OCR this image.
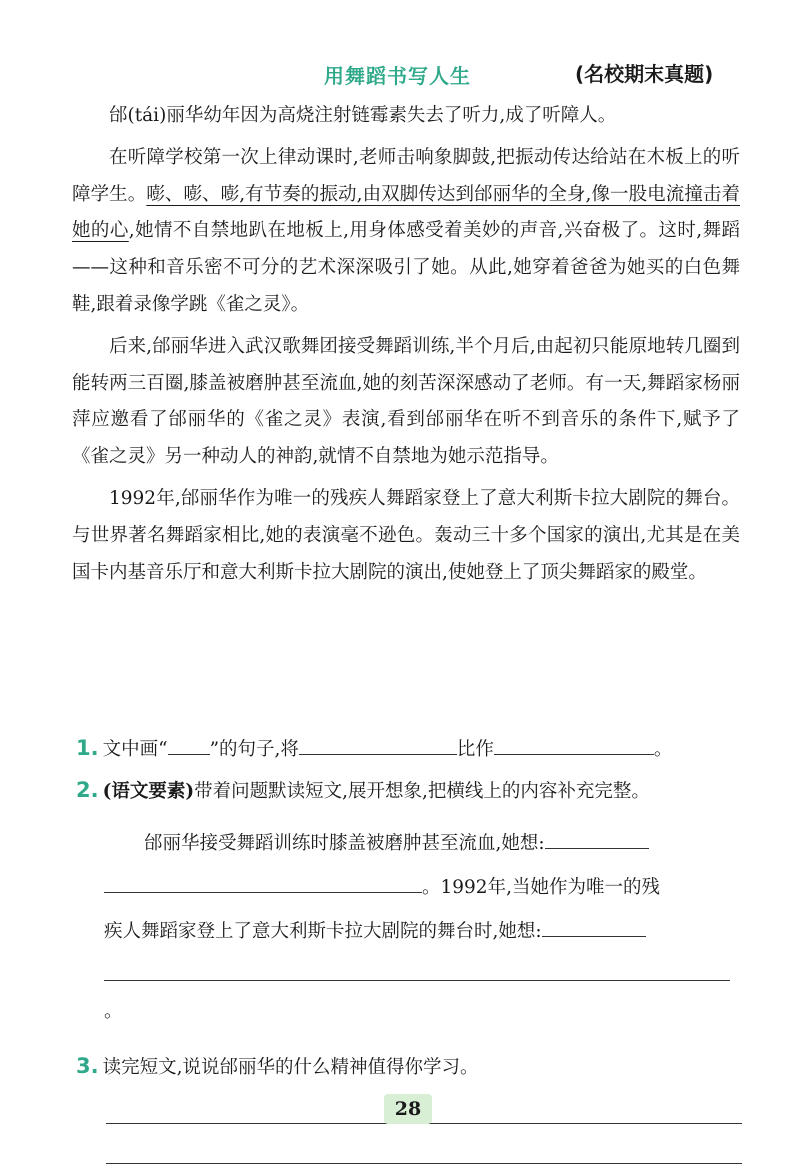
用舞蹈书写人生	(名校期末真题)

邰(tái)丽华幼年因为高烧注射链霉素失去了听力,成了听障人。

在听障学校第一次上律动课时,老师击响象脚鼓,把振动传达给站在木板上的听障学生。嘭、嘭、嘭,有节奏的振动,由双脚传达到邰丽华的全身,像一股电流撞击着她的心,她情不自禁地趴在地板上,用身体感受着美妙的声音,兴奋极了。这时,舞蹈——这种和音乐密不可分的艺术深深吸引了她。从此,她穿着爸爸为她买的白色舞鞋,跟着录像学跳《雀之灵》。

后来,邰丽华进入武汉歌舞团接受舞蹈训练,半个月后,由起初只能原地转几圈到能转两三百圈,膝盖被磨肿甚至流血,她的刻苦深深感动了老师。有一天,舞蹈家杨丽萍应邀看了邰丽华的《雀之灵》表演,看到邰丽华在听不到音乐的条件下,赋予了《雀之灵》另一种动人的神韵,就情不自禁地为她示范指导。

1992年,邰丽华作为唯一的残疾人舞蹈家登上了意大利斯卡拉大剧院的舞台。与世界著名舞蹈家相比,她的表演毫不逊色。轰动三十多个国家的演出,尤其是在美国卡内基音乐厅和意大利斯卡拉大剧院的演出,使她登上了顶尖舞蹈家的殿堂。

1. 文中画“ ”的句子,将	比作	。
2. (语文要素)带着问题默读短文,展开想象,把横线上的内容补充完整。
邰丽华接受舞蹈训练时膝盖被磨肿甚至流血,她想:
。1992年,当她作为唯一的残
疾人舞蹈家登上了意大利斯卡拉大剧院的舞台时,她想:
。
3. 读完短文,说说邰丽华的什么精神值得你学习。
28
